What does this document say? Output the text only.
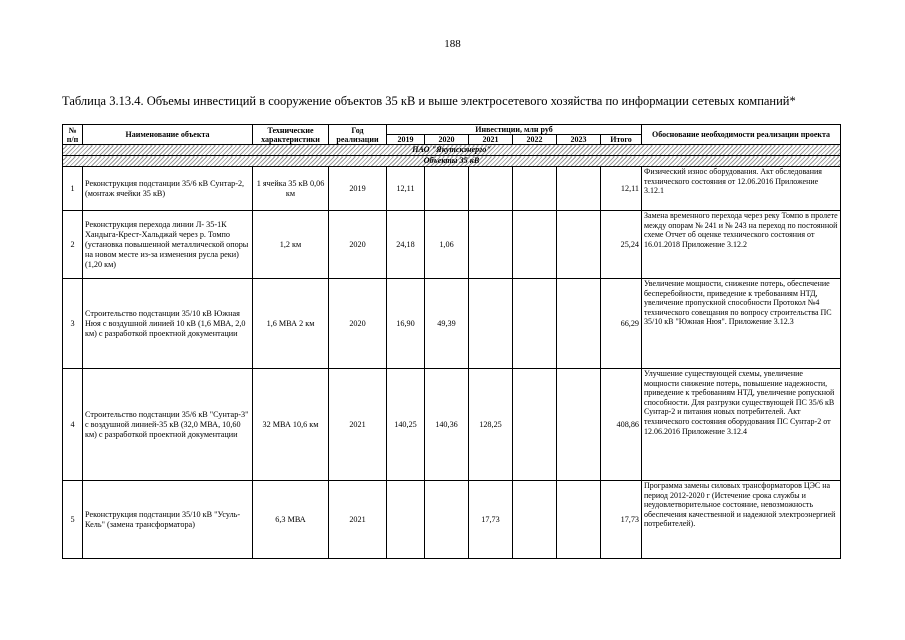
188
Таблица 3.13.4. Объемы инвестиций в сооружение объектов 35 кВ и выше электросетевого хозяйства по информации сетевых компаний*
№ п/п	Наименование объекта	Технические характеристики	Год реализации	Инвестиции, млн руб						Обоснование необходимости реализации проекта
				2019	2020	2021	2022	2023	Итого	
ПАО "Якутскэнерго"										
Объекты 35 кВ										
1	Реконструкция подстанции 35/6 кВ Сунтар-2, (монтаж ячейки 35 кВ)	1 ячейка 35 кВ 0,06 км	2019	12,11					12,11	Физический износ оборудования. Акт обследования технического состояния от 12.06.2016 Приложение 3.12.1
2	Реконструкция перехода линии Л- 35-1К Хандыга-Крест-Хальджай через р. Томпо (установка повышенной металлической опоры на новом месте из-за изменения русла реки) (1,20 км)	1,2 км	2020	24,18	1,06				25,24	Замена временного перехода через реку Томпо в пролете между опорам № 241 и № 243 на переход по постоянной схеме Отчет об оценке технического состояния от 16.01.2018 Приложение 3.12.2
3	Строительство подстанции 35/10 кВ Южная Нюя с воздушной линией 10 кВ (1,6 МВА, 2,0 км) с разработкой проектной документации	1,6 МВА 2 км	2020	16,90	49,39				66,29	Увеличение мощности, снижение потерь, обеспечение бесперебойности, приведение к требованиям НТД, увеличение пропускной способности Протокол №4 технического совещания по вопросу строительства ПС 35/10 кВ "Южная Нюя". Приложение 3.12.3
4	Строительство подстанции 35/6 кВ "Сунтар-3" с воздушной линией-35 кВ (32,0 МВА, 10,60 км) с разработкой проектной документации	32 МВА 10,6 км	2021	140,25	140,36	128,25			408,86	Улучшение существующей схемы, увеличение мощности снижение потерь, повышение надежности, приведение к требованиям НТД, увеличение ропускной способности. Для разгрузки существующей ПС 35/6 кВ Сунтар-2 и питания новых потребителей. Акт технического состояния оборудования ПС Сунтар-2 от 12.06.2016 Приложение 3.12.4
5	Реконструкция подстанции 35/10 кВ "Усуль-Кель" (замена трансформатора)	6,3 МВА	2021			17,73			17,73	Программа замены силовых трансформаторов ЦЭС на период 2012-2020 г (Истечение срока службы и неудовлетворительное состояние, невозможность обеспечения качественной и надежной электроэнергией потребителей).
